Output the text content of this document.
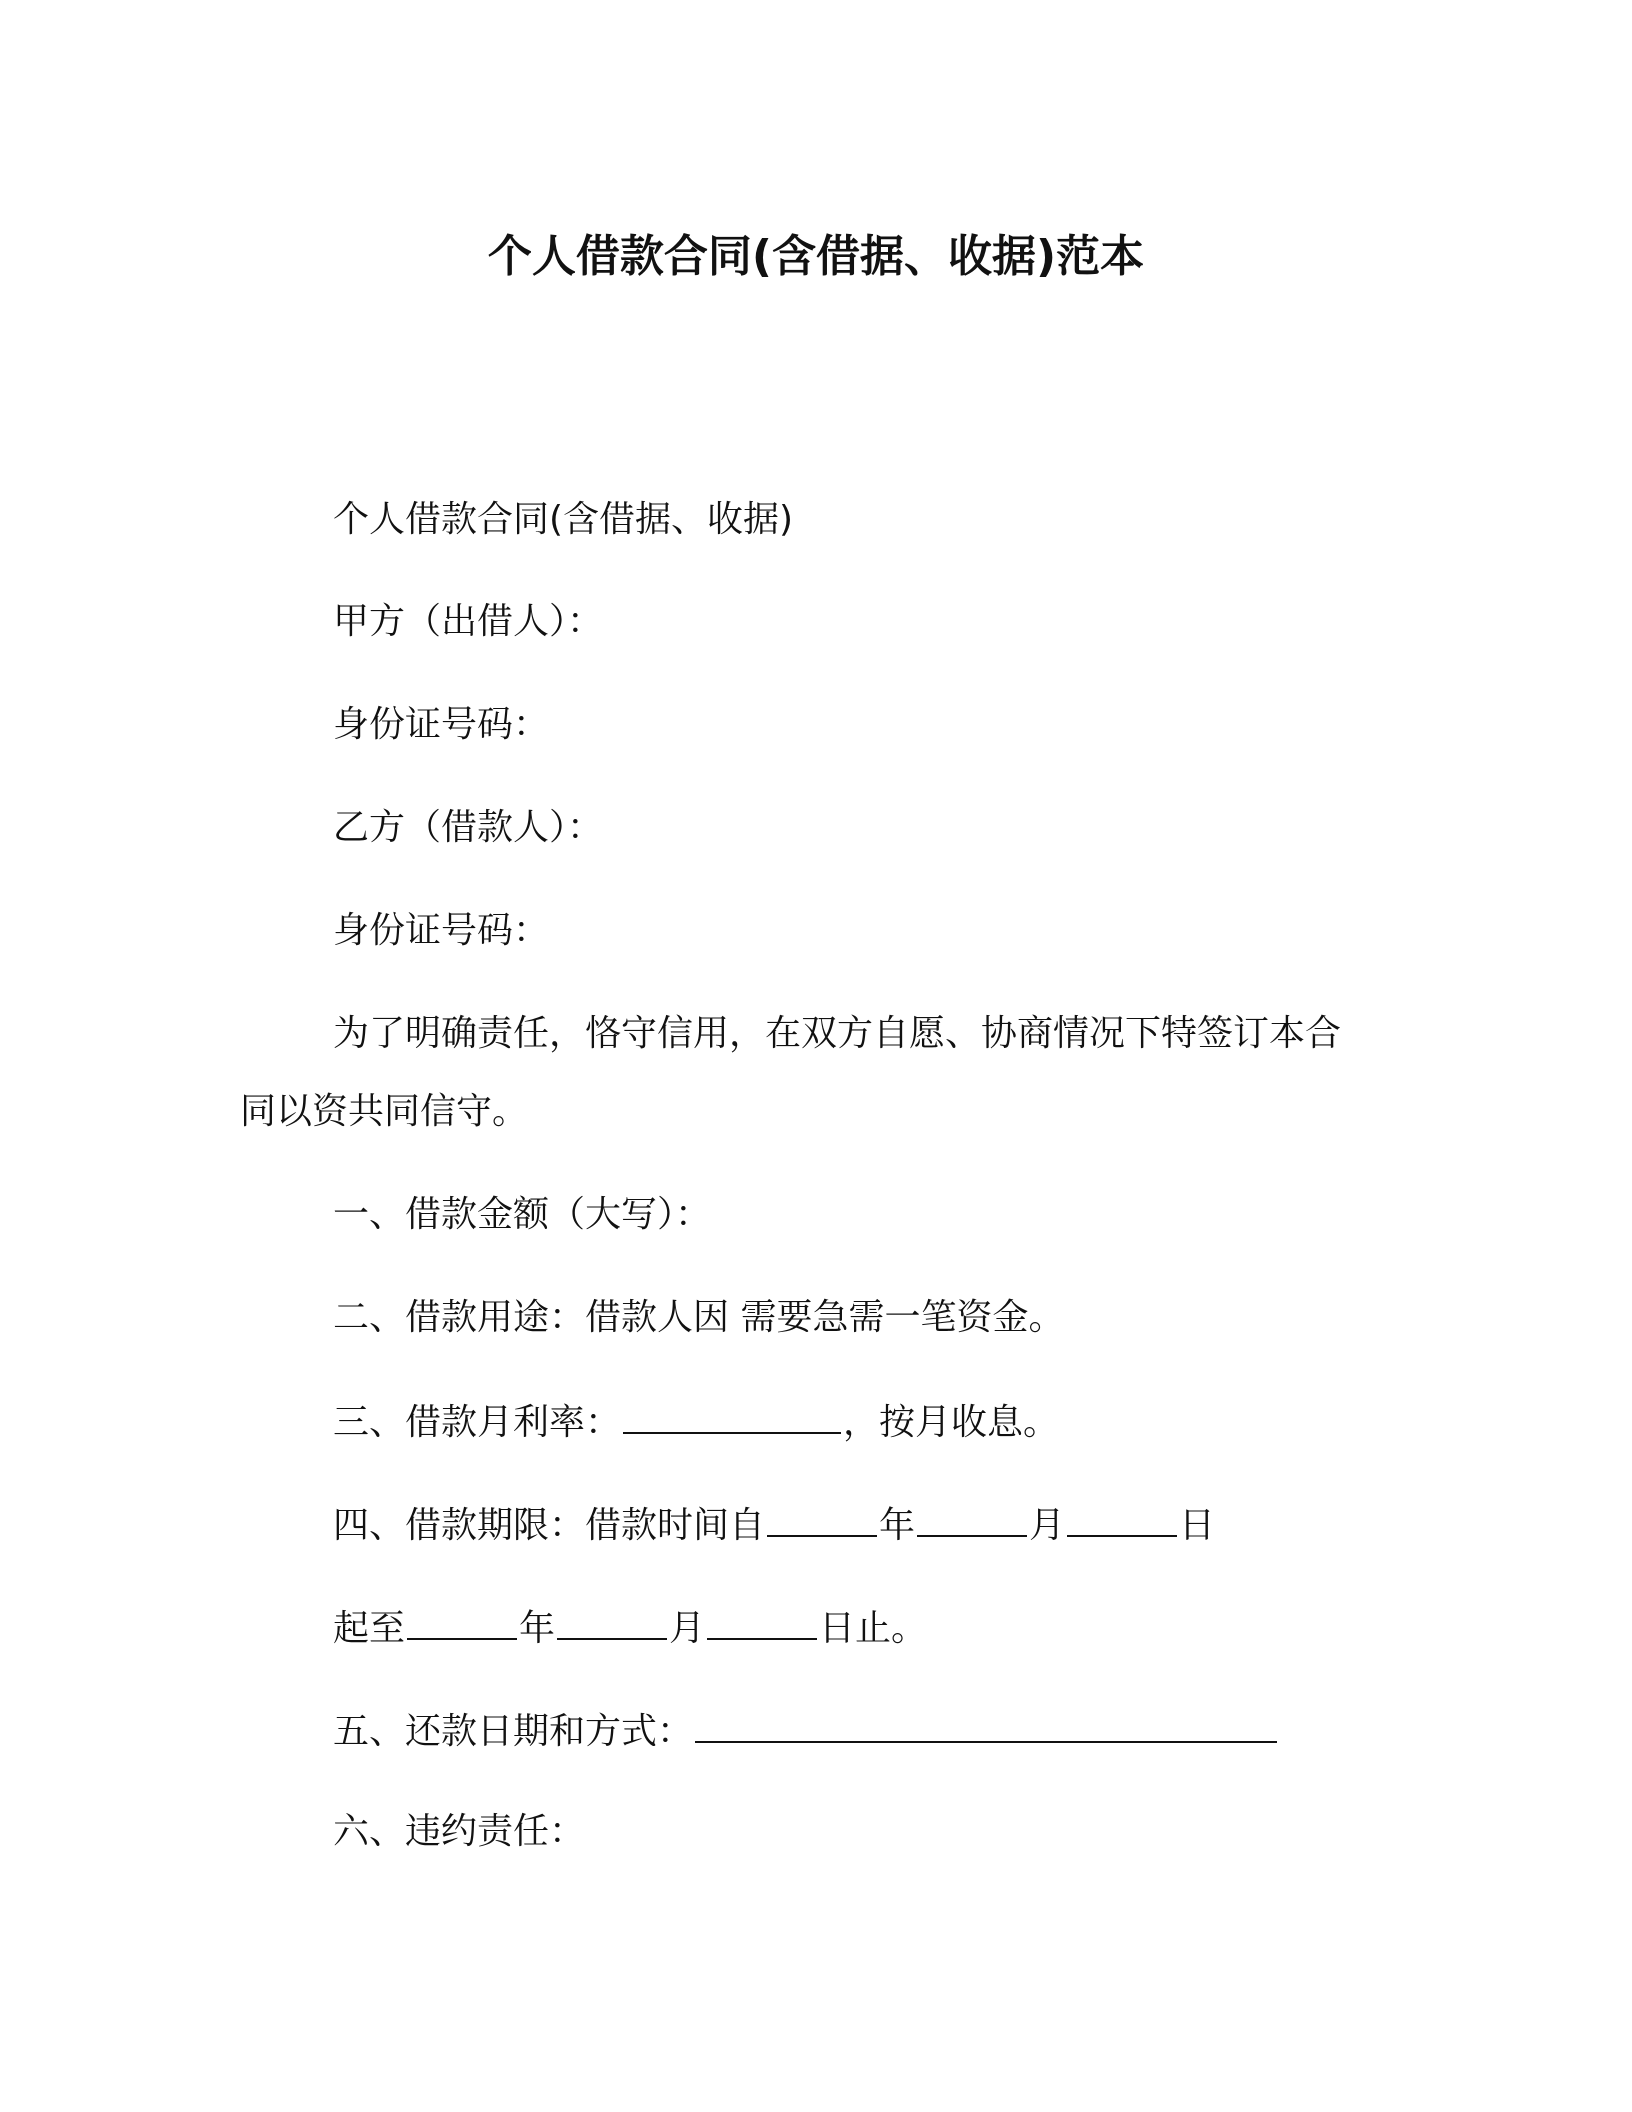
个人借款合同(含借据、收据)范本

个人借款合同(含借据、收据)

甲方（出借人）：

身份证号码：

乙方（借款人）：

身份证号码：

为了明确责任，恪守信用，在双方自愿、协商情况下特签订本合

同以资共同信守。

一、借款金额（大写）：

二、借款用途：借款人因 需要急需一笔资金。

三、借款月利率：	，按月收息。

四、借款期限：借款时间自	年	月	日

起至	年	月	日止。

五、还款日期和方式：

六、违约责任：
